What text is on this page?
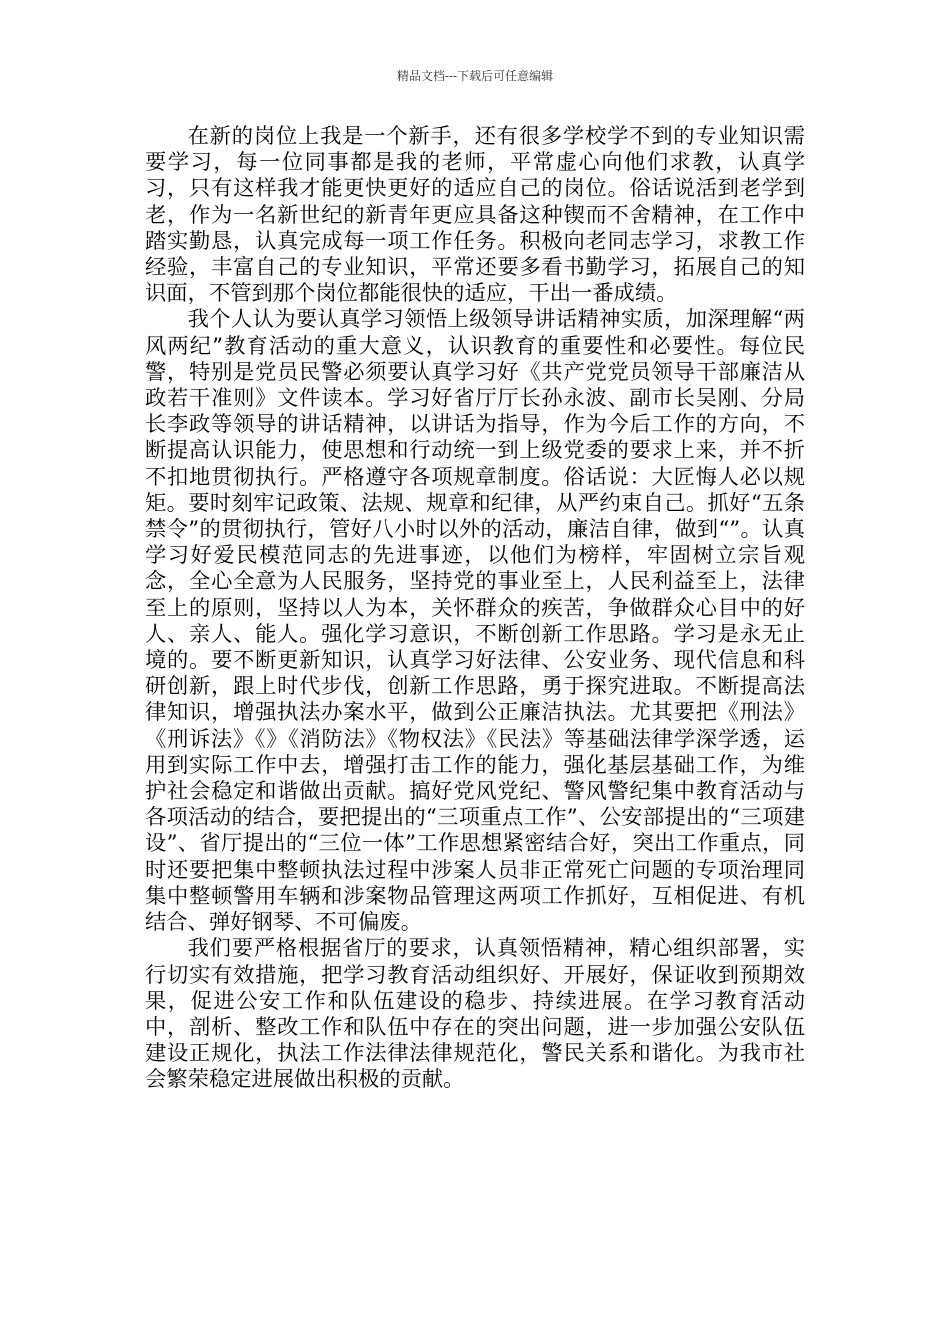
精品文档---下载后可任意编辑

在新的岗位上我是一个新手，还有很多学校学不到的专业知识需要学习，每一位同事都是我的老师，平常虚心向他们求教，认真学习，只有这样我才能更快更好的适应自己的岗位。俗话说活到老学到老，作为一名新世纪的新青年更应具备这种锲而不舍精神，在工作中踏实勤恳，认真完成每一项工作任务。积极向老同志学习，求教工作经验，丰富自己的专业知识，平常还要多看书勤学习，拓展自己的知识面，不管到那个岗位都能很快的适应，干出一番成绩。

我个人认为要认真学习领悟上级领导讲话精神实质，加深理解“两风两纪”教育活动的重大意义，认识教育的重要性和必要性。每位民警，特别是党员民警必须要认真学习好《共产党党员领导干部廉洁从政若干准则》文件读本。学习好省厅厅长孙永波、副市长吴刚、分局长李政等领导的讲话精神，以讲话为指导，作为今后工作的方向，不断提高认识能力，使思想和行动统一到上级党委的要求上来，并不折不扣地贯彻执行。严格遵守各项规章制度。俗话说：大匠悔人必以规矩。要时刻牢记政策、法规、规章和纪律，从严约束自己。抓好“五条禁令”的贯彻执行，管好八小时以外的活动，廉洁自律，做到“”。认真学习好爱民模范同志的先进事迹，以他们为榜样，牢固树立宗旨观念，全心全意为人民服务，坚持党的事业至上，人民利益至上，法律至上的原则，坚持以人为本，关怀群众的疾苦，争做群众心目中的好人、亲人、能人。强化学习意识，不断创新工作思路。学习是永无止境的。要不断更新知识，认真学习好法律、公安业务、现代信息和科研创新，跟上时代步伐，创新工作思路，勇于探究进取。不断提高法律知识，增强执法办案水平，做到公正廉洁执法。尤其要把《刑法》《刑诉法》《》《消防法》《物权法》《民法》等基础法律学深学透，运用到实际工作中去，增强打击工作的能力，强化基层基础工作，为维护社会稳定和谐做出贡献。搞好党风党纪、警风警纪集中教育活动与各项活动的结合，要把提出的“三项重点工作”、公安部提出的“三项建设”、省厅提出的“三位一体”工作思想紧密结合好，突出工作重点，同时还要把集中整顿执法过程中涉案人员非正常死亡问题的专项治理同集中整顿警用车辆和涉案物品管理这两项工作抓好，互相促进、有机结合、弹好钢琴、不可偏废。

我们要严格根据省厅的要求，认真领悟精神，精心组织部署，实行切实有效措施，把学习教育活动组织好、开展好，保证收到预期效果，促进公安工作和队伍建设的稳步、持续进展。在学习教育活动中，剖析、整改工作和队伍中存在的突出问题，进一步加强公安队伍建设正规化，执法工作法律法律规范化，警民关系和谐化。为我市社会繁荣稳定进展做出积极的贡献。
